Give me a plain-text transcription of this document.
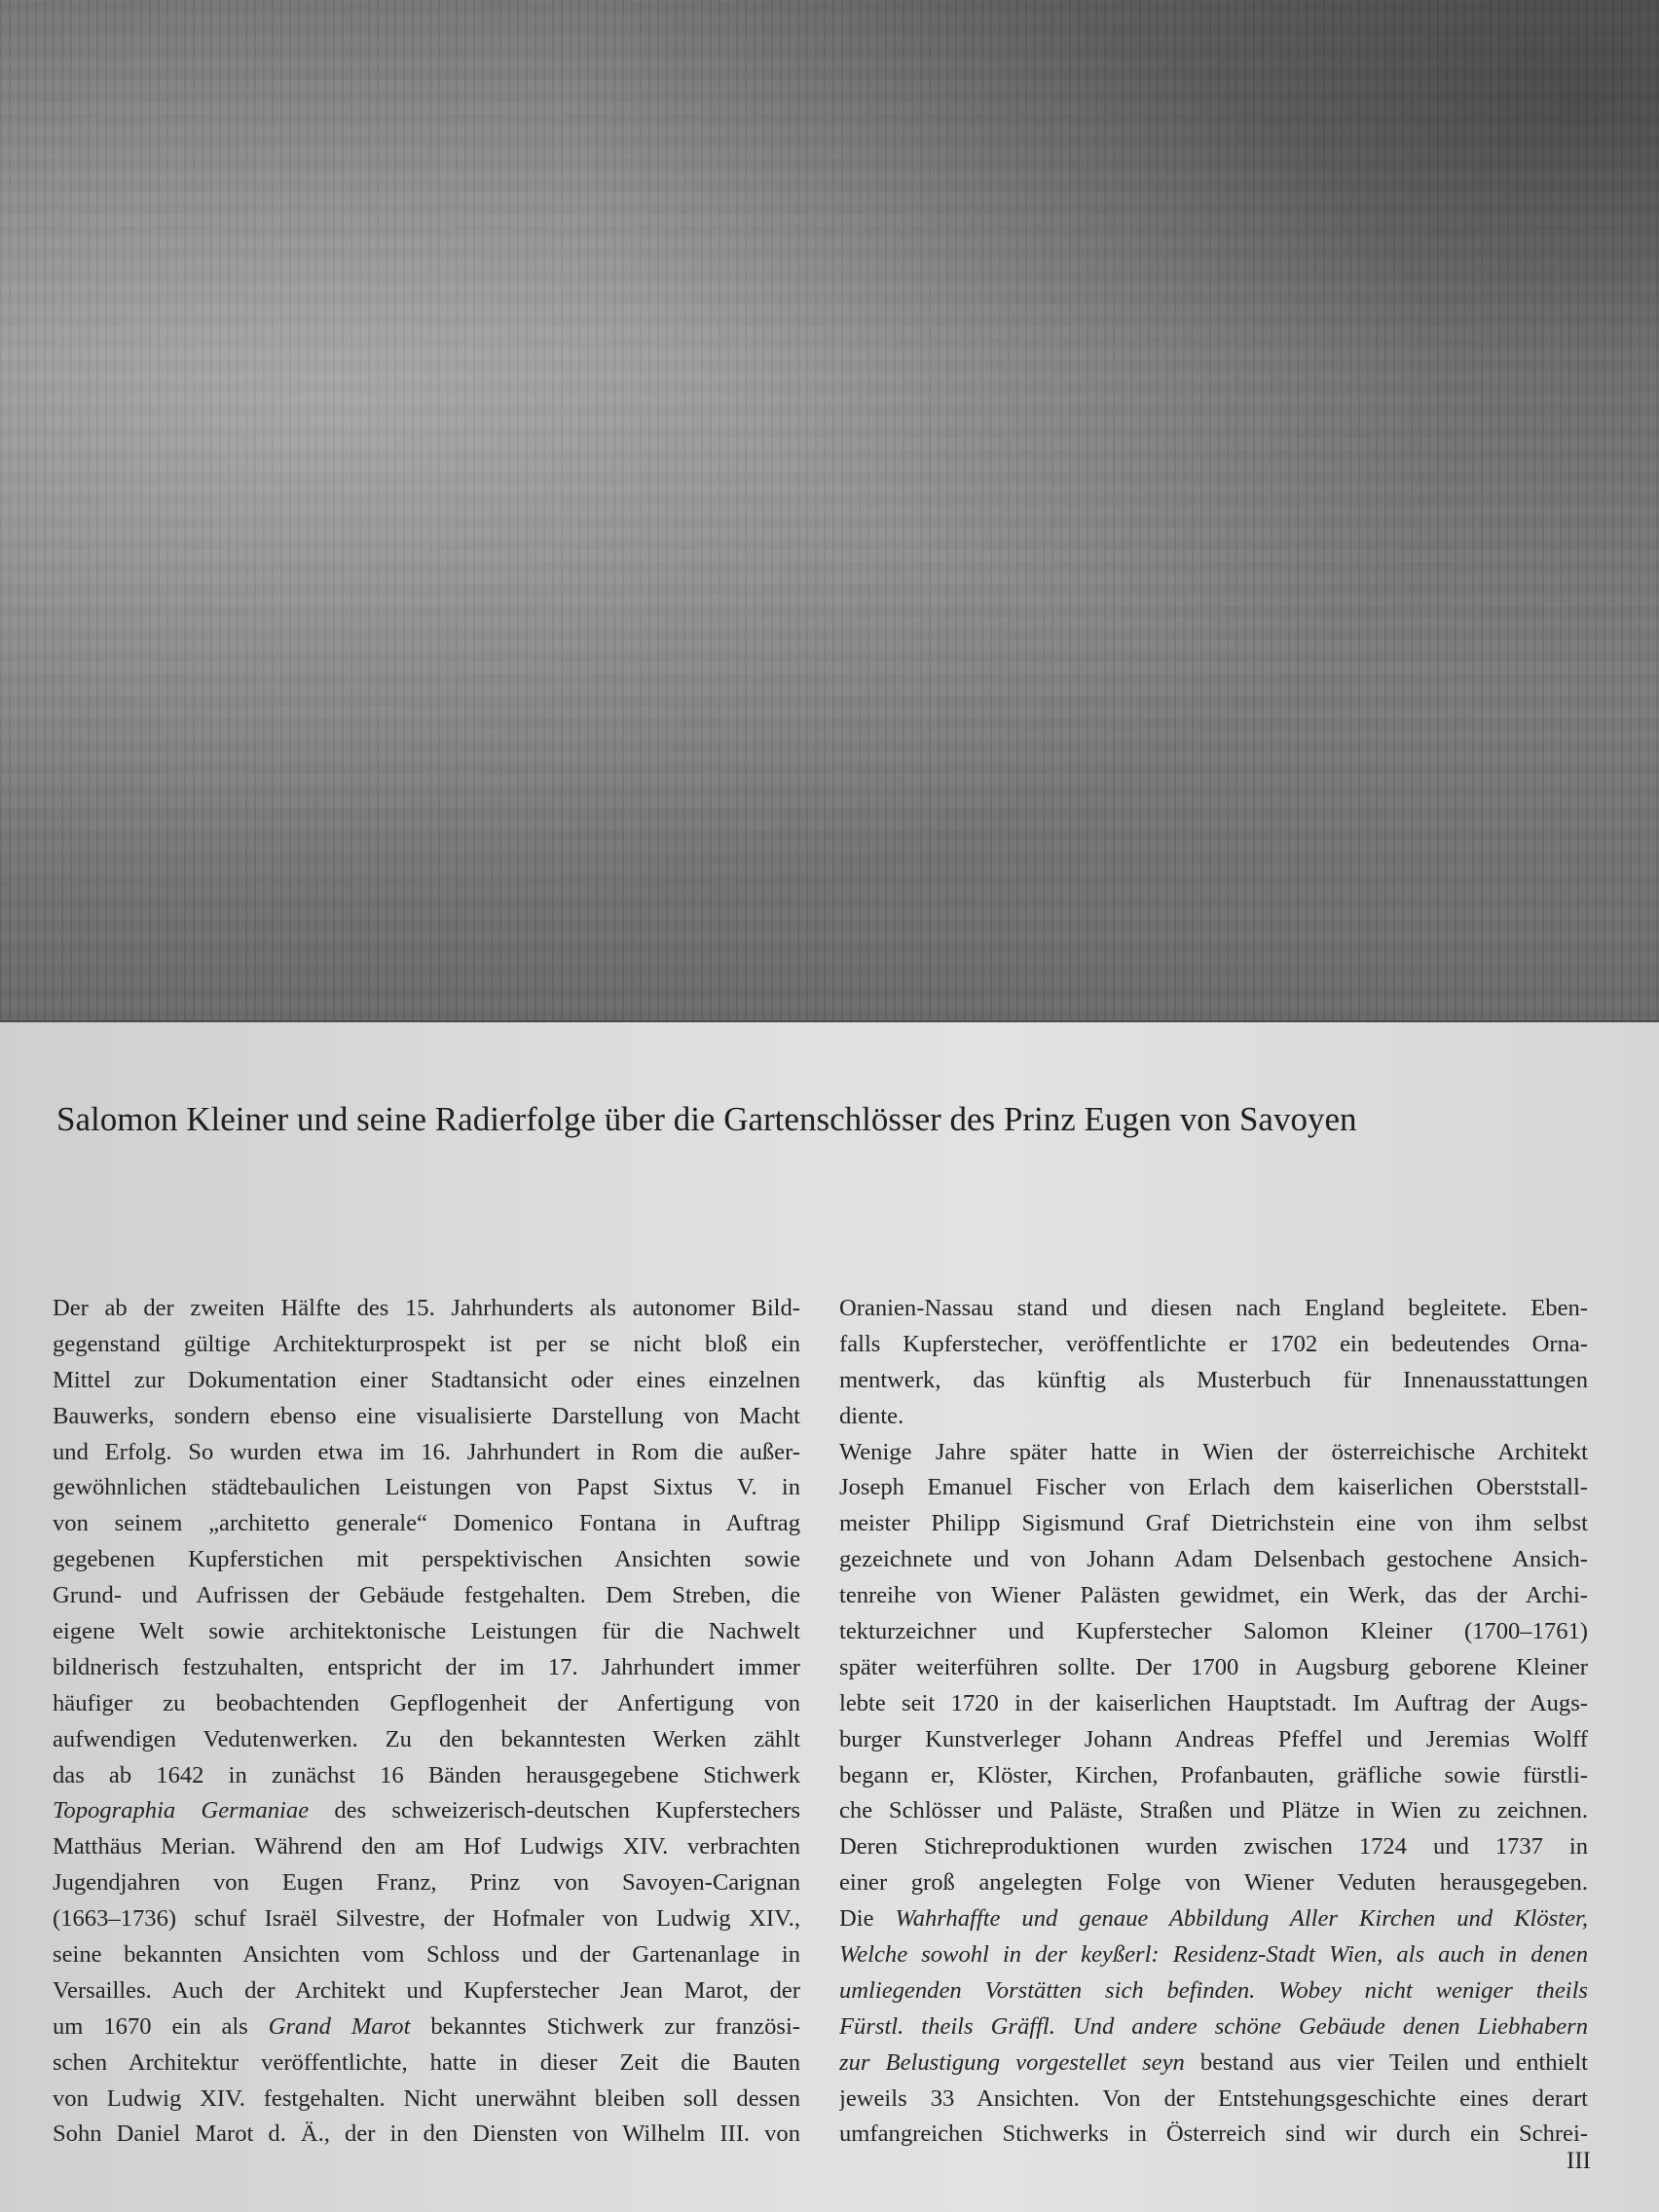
Salomon Kleiner und seine Radierfolge über die Gartenschlösser des Prinz Eugen von Savoyen
Der ab der zweiten Hälfte des 15. Jahrhunderts als autonomer Bild-
gegenstand gültige Architekturprospekt ist per se nicht bloß ein
Mittel zur Dokumentation einer Stadtansicht oder eines einzelnen
Bauwerks, sondern ebenso eine visualisierte Darstellung von Macht
und Erfolg. So wurden etwa im 16. Jahrhundert in Rom die außer-
gewöhnlichen städtebaulichen Leistungen von Papst Sixtus V. in
von seinem „architetto generale“ Domenico Fontana in Auftrag
gegebenen Kupferstichen mit perspektivischen Ansichten sowie
Grund- und Aufrissen der Gebäude festgehalten. Dem Streben, die
eigene Welt sowie architektonische Leistungen für die Nachwelt
bildnerisch festzuhalten, entspricht der im 17. Jahrhundert immer
häufiger zu beobachtenden Gepflogenheit der Anfertigung von
aufwendigen Vedutenwerken. Zu den bekanntesten Werken zählt
das ab 1642 in zunächst 16 Bänden herausgegebene Stichwerk
Topographia Germaniae des schweizerisch-deutschen Kupferstechers
Matthäus Merian. Während den am Hof Ludwigs XIV. verbrachten
Jugendjahren von Eugen Franz, Prinz von Savoyen-Carignan
(1663–1736) schuf Israël Silvestre, der Hofmaler von Ludwig XIV.,
seine bekannten Ansichten vom Schloss und der Gartenanlage in
Versailles. Auch der Architekt und Kupferstecher Jean Marot, der
um 1670 ein als Grand Marot bekanntes Stichwerk zur französi-
schen Architektur veröffentlichte, hatte in dieser Zeit die Bauten
von Ludwig XIV. festgehalten. Nicht unerwähnt bleiben soll dessen
Sohn Daniel Marot d. Ä., der in den Diensten von Wilhelm III. von
Oranien-Nassau stand und diesen nach England begleitete. Eben-
falls Kupferstecher, veröffentlichte er 1702 ein bedeutendes Orna-
mentwerk, das künftig als Musterbuch für Innenausstattungen
diente.
Wenige Jahre später hatte in Wien der österreichische Architekt
Joseph Emanuel Fischer von Erlach dem kaiserlichen Oberststall-
meister Philipp Sigismund Graf Dietrichstein eine von ihm selbst
gezeichnete und von Johann Adam Delsenbach gestochene Ansich-
tenreihe von Wiener Palästen gewidmet, ein Werk, das der Archi-
tekturzeichner und Kupferstecher Salomon Kleiner (1700–1761)
später weiterführen sollte. Der 1700 in Augsburg geborene Kleiner
lebte seit 1720 in der kaiserlichen Hauptstadt. Im Auftrag der Augs-
burger Kunstverleger Johann Andreas Pfeffel und Jeremias Wolff
begann er, Klöster, Kirchen, Profanbauten, gräfliche sowie fürstli-
che Schlösser und Paläste, Straßen und Plätze in Wien zu zeichnen.
Deren Stichreproduktionen wurden zwischen 1724 und 1737 in
einer groß angelegten Folge von Wiener Veduten herausgegeben.
Die Wahrhaffte und genaue Abbildung Aller Kirchen und Klöster,
Welche sowohl in der keyßerl: Residenz-Stadt Wien, als auch in denen
umliegenden Vorstätten sich befinden. Wobey nicht weniger theils
Fürstl. theils Gräffl. Und andere schöne Gebäude denen Liebhabern
zur Belustigung vorgestellet seyn bestand aus vier Teilen und enthielt
jeweils 33 Ansichten. Von der Entstehungsgeschichte eines derart
umfangreichen Stichwerks in Österreich sind wir durch ein Schrei-
III
